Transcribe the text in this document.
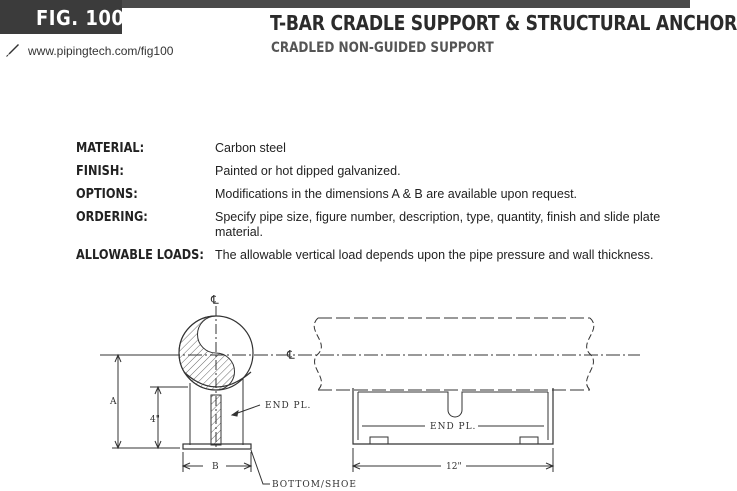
FIG. 100
www.pipingtech.com/fig100
T-BAR CRADLE SUPPORT & STRUCTURAL ANCHOR
CRADLED NON-GUIDED SUPPORT
MATERIAL:	Carbon steel
FINISH:	Painted or hot dipped galvanized.
OPTIONS:	Modifications in the dimensions A & B are available upon request.
ORDERING:	Specify pipe size, figure number, description, type, quantity, finish and slide plate material.
ALLOWABLE LOADS: The allowable vertical load depends upon the pipe pressure and wall thickness.
℄
℄
A
4"
B
END PL.
END PL.
BOTTOM/SHOE
12"
